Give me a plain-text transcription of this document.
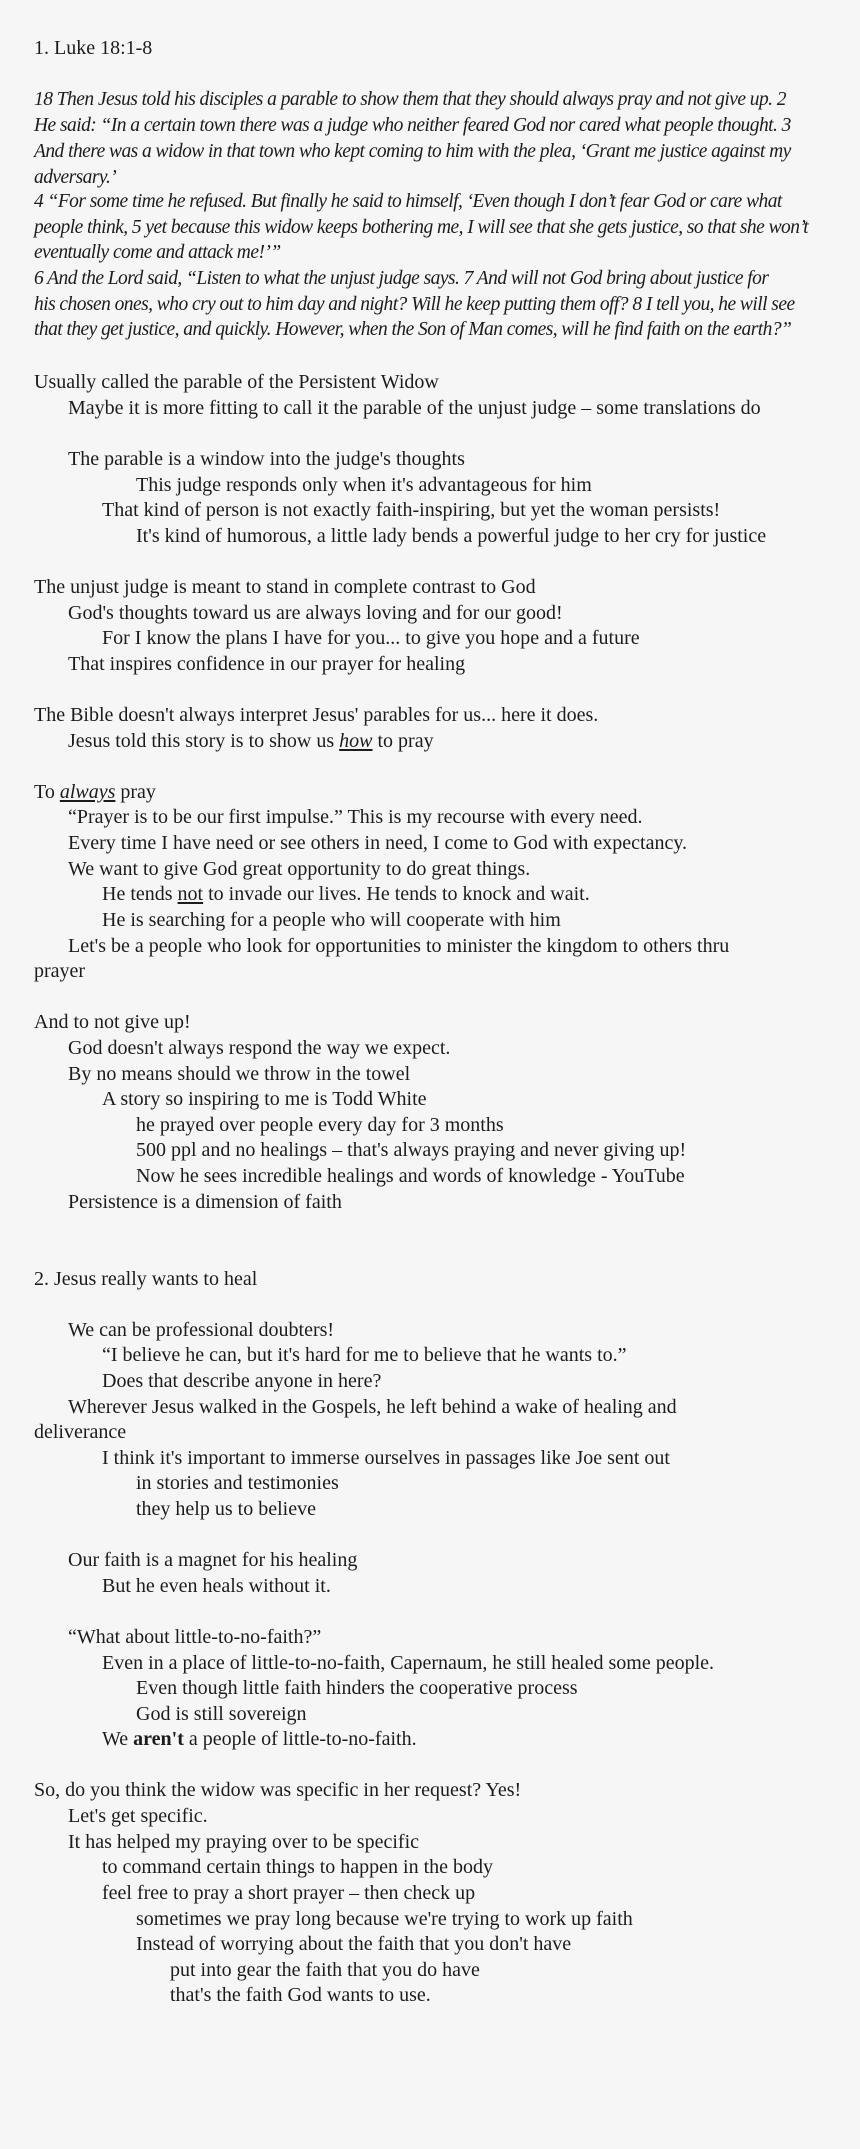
1. Luke 18:1-8
18 Then Jesus told his disciples a parable to show them that they should always pray and not give up. 2
He said: “In a certain town there was a judge who neither feared God nor cared what people thought. 3
And there was a widow in that town who kept coming to him with the plea, ‘Grant me justice against my
adversary.’
4 “For some time he refused. But finally he said to himself, ‘Even though I don’t fear God or care what
people think, 5 yet because this widow keeps bothering me, I will see that she gets justice, so that she won’t
eventually come and attack me!’”
6 And the Lord said, “Listen to what the unjust judge says. 7 And will not God bring about justice for
his chosen ones, who cry out to him day and night? Will he keep putting them off? 8 I tell you, he will see
that they get justice, and quickly. However, when the Son of Man comes, will he find faith on the earth?”
Usually called the parable of the Persistent Widow
Maybe it is more fitting to call it the parable of the unjust judge – some translations do
The parable is a window into the judge's thoughts
This judge responds only when it's advantageous for him
That kind of person is not exactly faith-inspiring, but yet the woman persists!
It's kind of humorous, a little lady bends a powerful judge to her cry for justice
The unjust judge is meant to stand in complete contrast to God
God's thoughts toward us are always loving and for our good!
For I know the plans I have for you... to give you hope and a future
That inspires confidence in our prayer for healing
The Bible doesn't always interpret Jesus' parables for us... here it does.
Jesus told this story is to show us how to pray
To always pray
“Prayer is to be our first impulse.” This is my recourse with every need.
Every time I have need or see others in need, I come to God with expectancy.
We want to give God great opportunity to do great things.
He tends not to invade our lives. He tends to knock and wait.
He is searching for a people who will cooperate with him
Let's be a people who look for opportunities to minister the kingdom to others thru
prayer
And to not give up!
God doesn't always respond the way we expect.
By no means should we throw in the towel
A story so inspiring to me is Todd White
he prayed over people every day for 3 months
500 ppl and no healings – that's always praying and never giving up!
Now he sees incredible healings and words of knowledge - YouTube
Persistence is a dimension of faith
2. Jesus really wants to heal
We can be professional doubters!
“I believe he can, but it's hard for me to believe that he wants to.”
Does that describe anyone in here?
Wherever Jesus walked in the Gospels, he left behind a wake of healing and
deliverance
I think it's important to immerse ourselves in passages like Joe sent out
in stories and testimonies
they help us to believe
Our faith is a magnet for his healing
But he even heals without it.
“What about little-to-no-faith?”
Even in a place of little-to-no-faith, Capernaum, he still healed some people.
Even though little faith hinders the cooperative process
God is still sovereign
We aren't a people of little-to-no-faith.
So, do you think the widow was specific in her request? Yes!
Let's get specific.
It has helped my praying over to be specific
to command certain things to happen in the body
feel free to pray a short prayer – then check up
sometimes we pray long because we're trying to work up faith
Instead of worrying about the faith that you don't have
put into gear the faith that you do have
that's the faith God wants to use.
